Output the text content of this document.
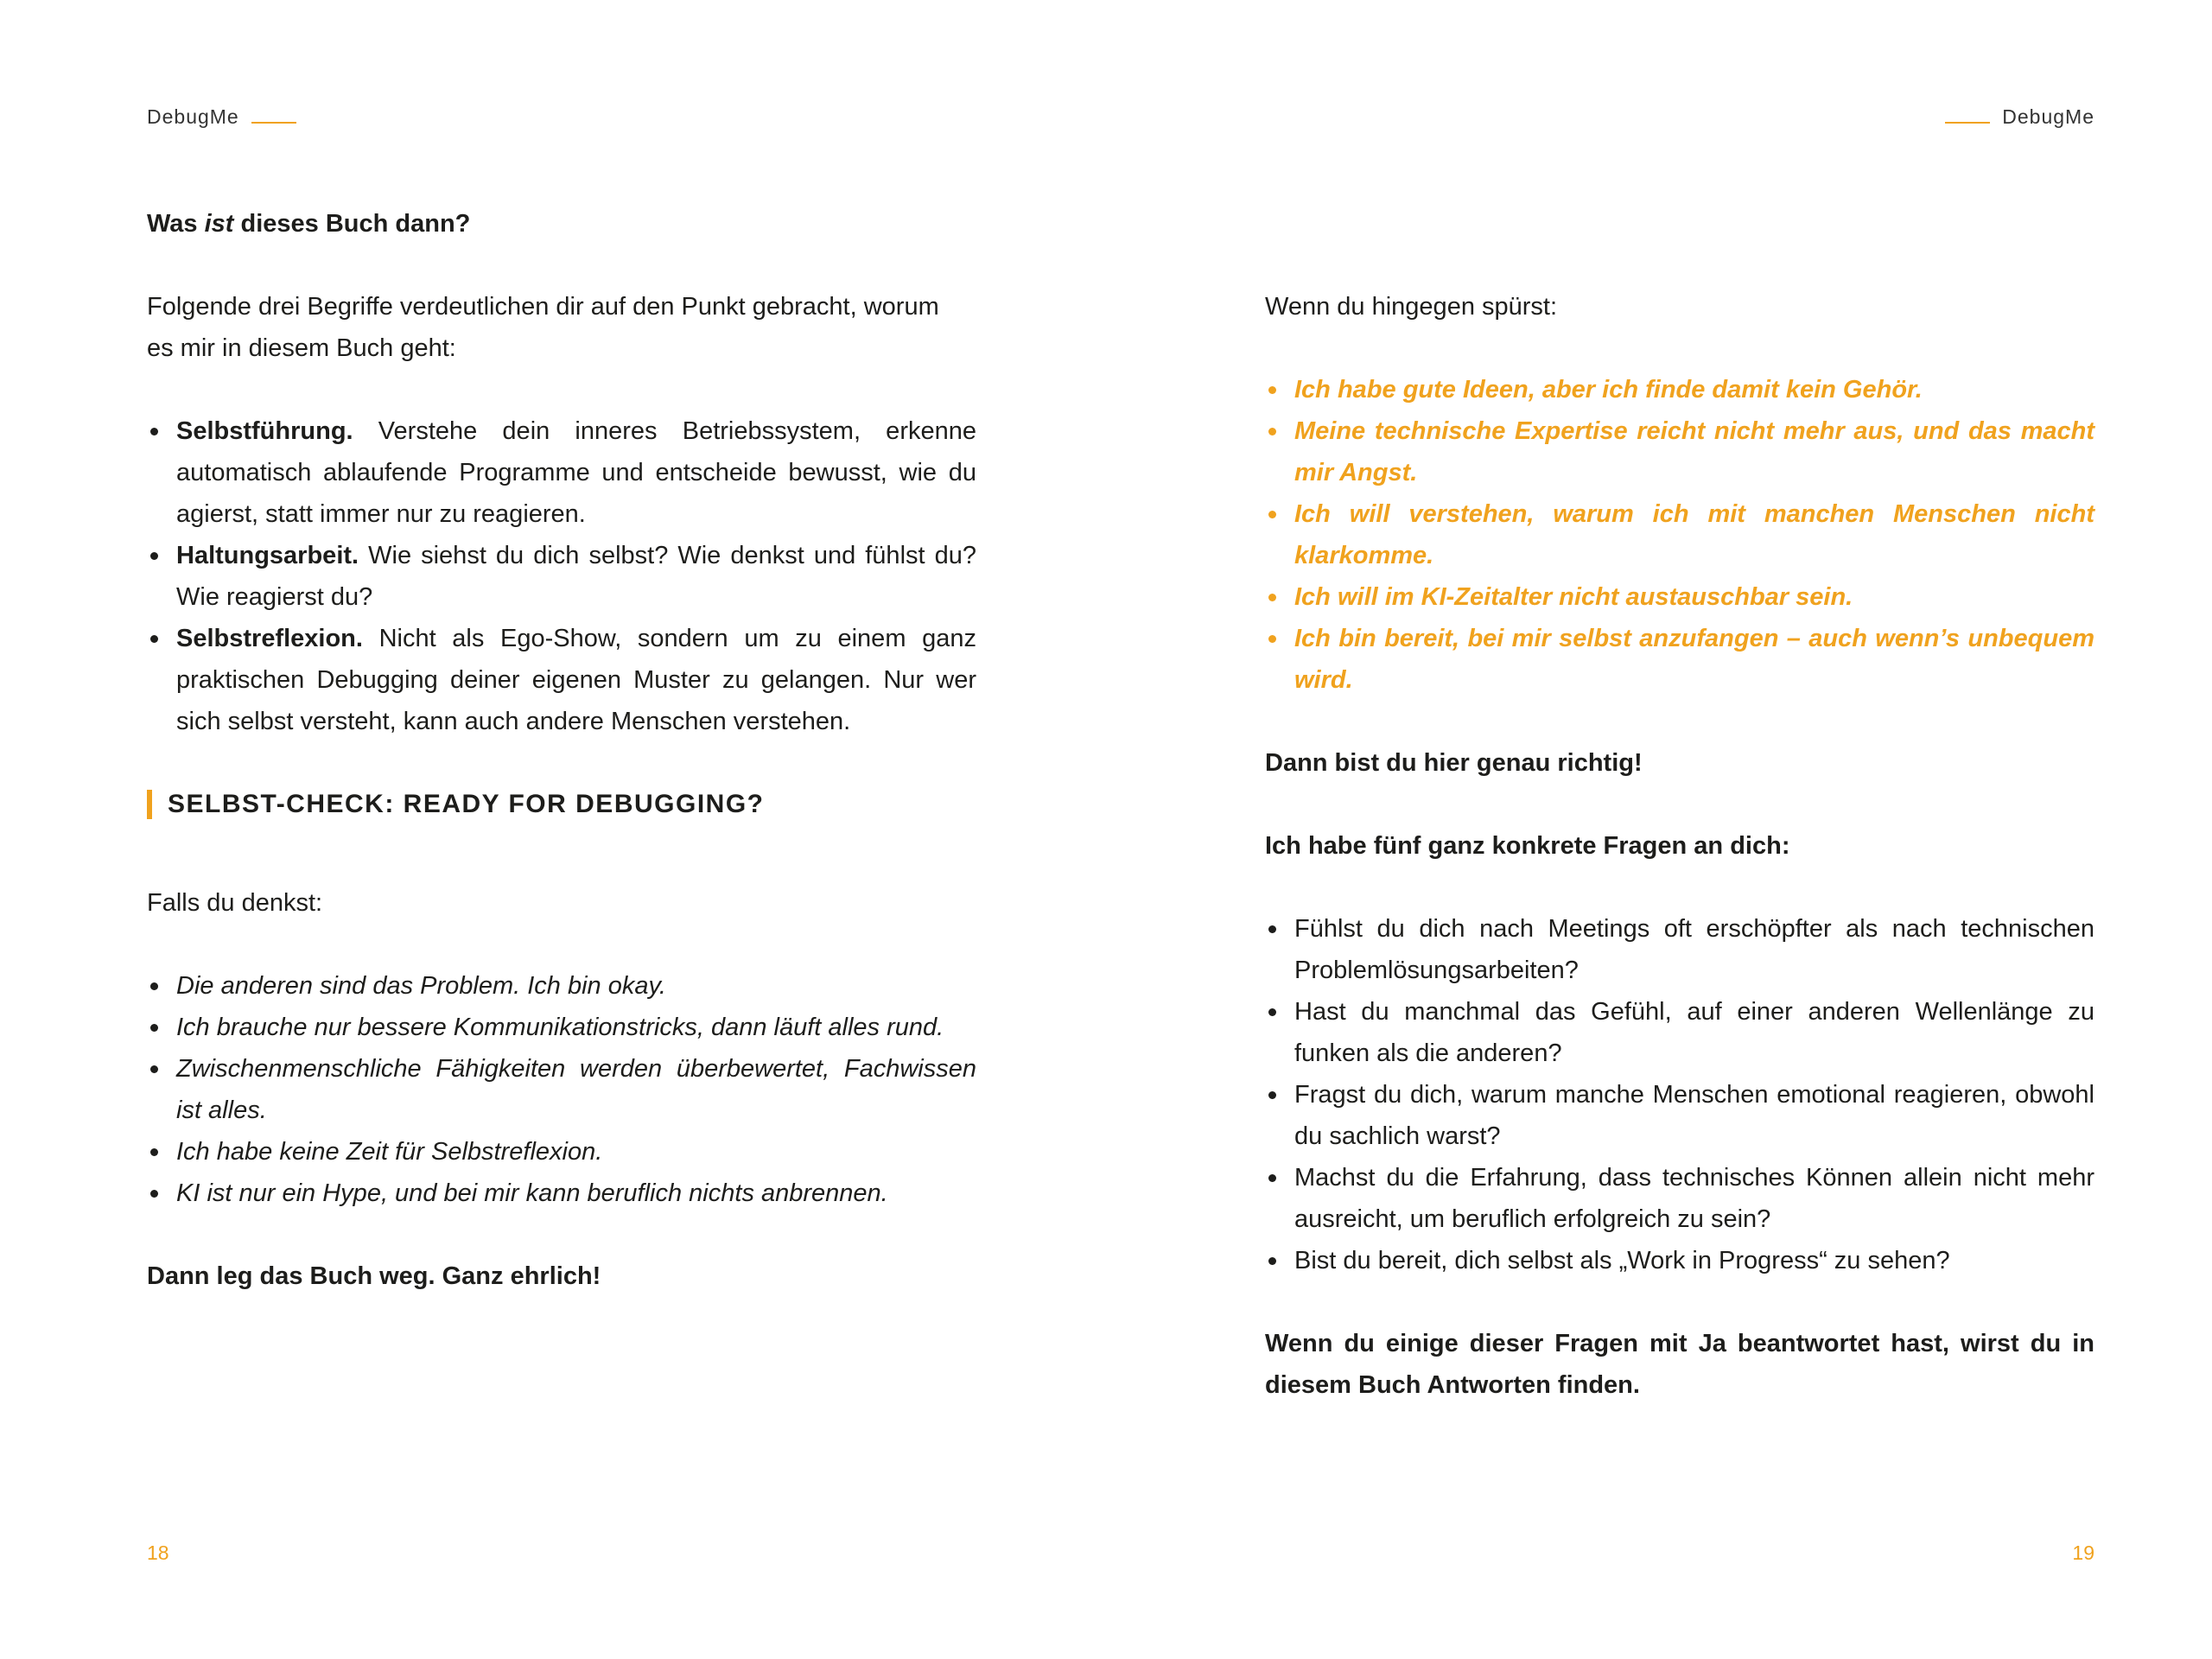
DebugMe

Was ist dieses Buch dann?

Folgende drei Begriffe verdeutlichen dir auf den Punkt gebracht, worum es mir in diesem Buch geht:

Selbstführung. Verstehe dein inneres Betriebssystem, erkenne automatisch ablaufende Programme und entscheide bewusst, wie du agierst, statt immer nur zu reagieren.
Haltungsarbeit. Wie siehst du dich selbst? Wie denkst und fühlst du? Wie reagierst du?
Selbstreflexion. Nicht als Ego-Show, sondern um zu einem ganz praktischen Debugging deiner eigenen Muster zu gelangen. Nur wer sich selbst versteht, kann auch andere Menschen verstehen.

SELBST-CHECK: READY FOR DEBUGGING?

Falls du denkst:

Die anderen sind das Problem. Ich bin okay.
Ich brauche nur bessere Kommunikationstricks, dann läuft alles rund.
Zwischenmenschliche Fähigkeiten werden überbewertet, Fachwissen ist alles.
Ich habe keine Zeit für Selbstreflexion.
KI ist nur ein Hype, und bei mir kann beruflich nichts anbrennen.

Dann leg das Buch weg. Ganz ehrlich!

18
DebugMe

Wenn du hingegen spürst:

Ich habe gute Ideen, aber ich finde damit kein Gehör.
Meine technische Expertise reicht nicht mehr aus, und das macht mir Angst.
Ich will verstehen, warum ich mit manchen Menschen nicht klarkomme.
Ich will im KI-Zeitalter nicht austauschbar sein.
Ich bin bereit, bei mir selbst anzufangen – auch wenn’s unbequem wird.

Dann bist du hier genau richtig!

Ich habe fünf ganz konkrete Fragen an dich:

Fühlst du dich nach Meetings oft erschöpfter als nach technischen Problemlösungsarbeiten?
Hast du manchmal das Gefühl, auf einer anderen Wellenlänge zu funken als die anderen?
Fragst du dich, warum manche Menschen emotional reagieren, obwohl du sachlich warst?
Machst du die Erfahrung, dass technisches Können allein nicht mehr ausreicht, um beruflich erfolgreich zu sein?
Bist du bereit, dich selbst als „Work in Progress“ zu sehen?

Wenn du einige dieser Fragen mit Ja beantwortet hast, wirst du in diesem Buch Antworten finden.

19
